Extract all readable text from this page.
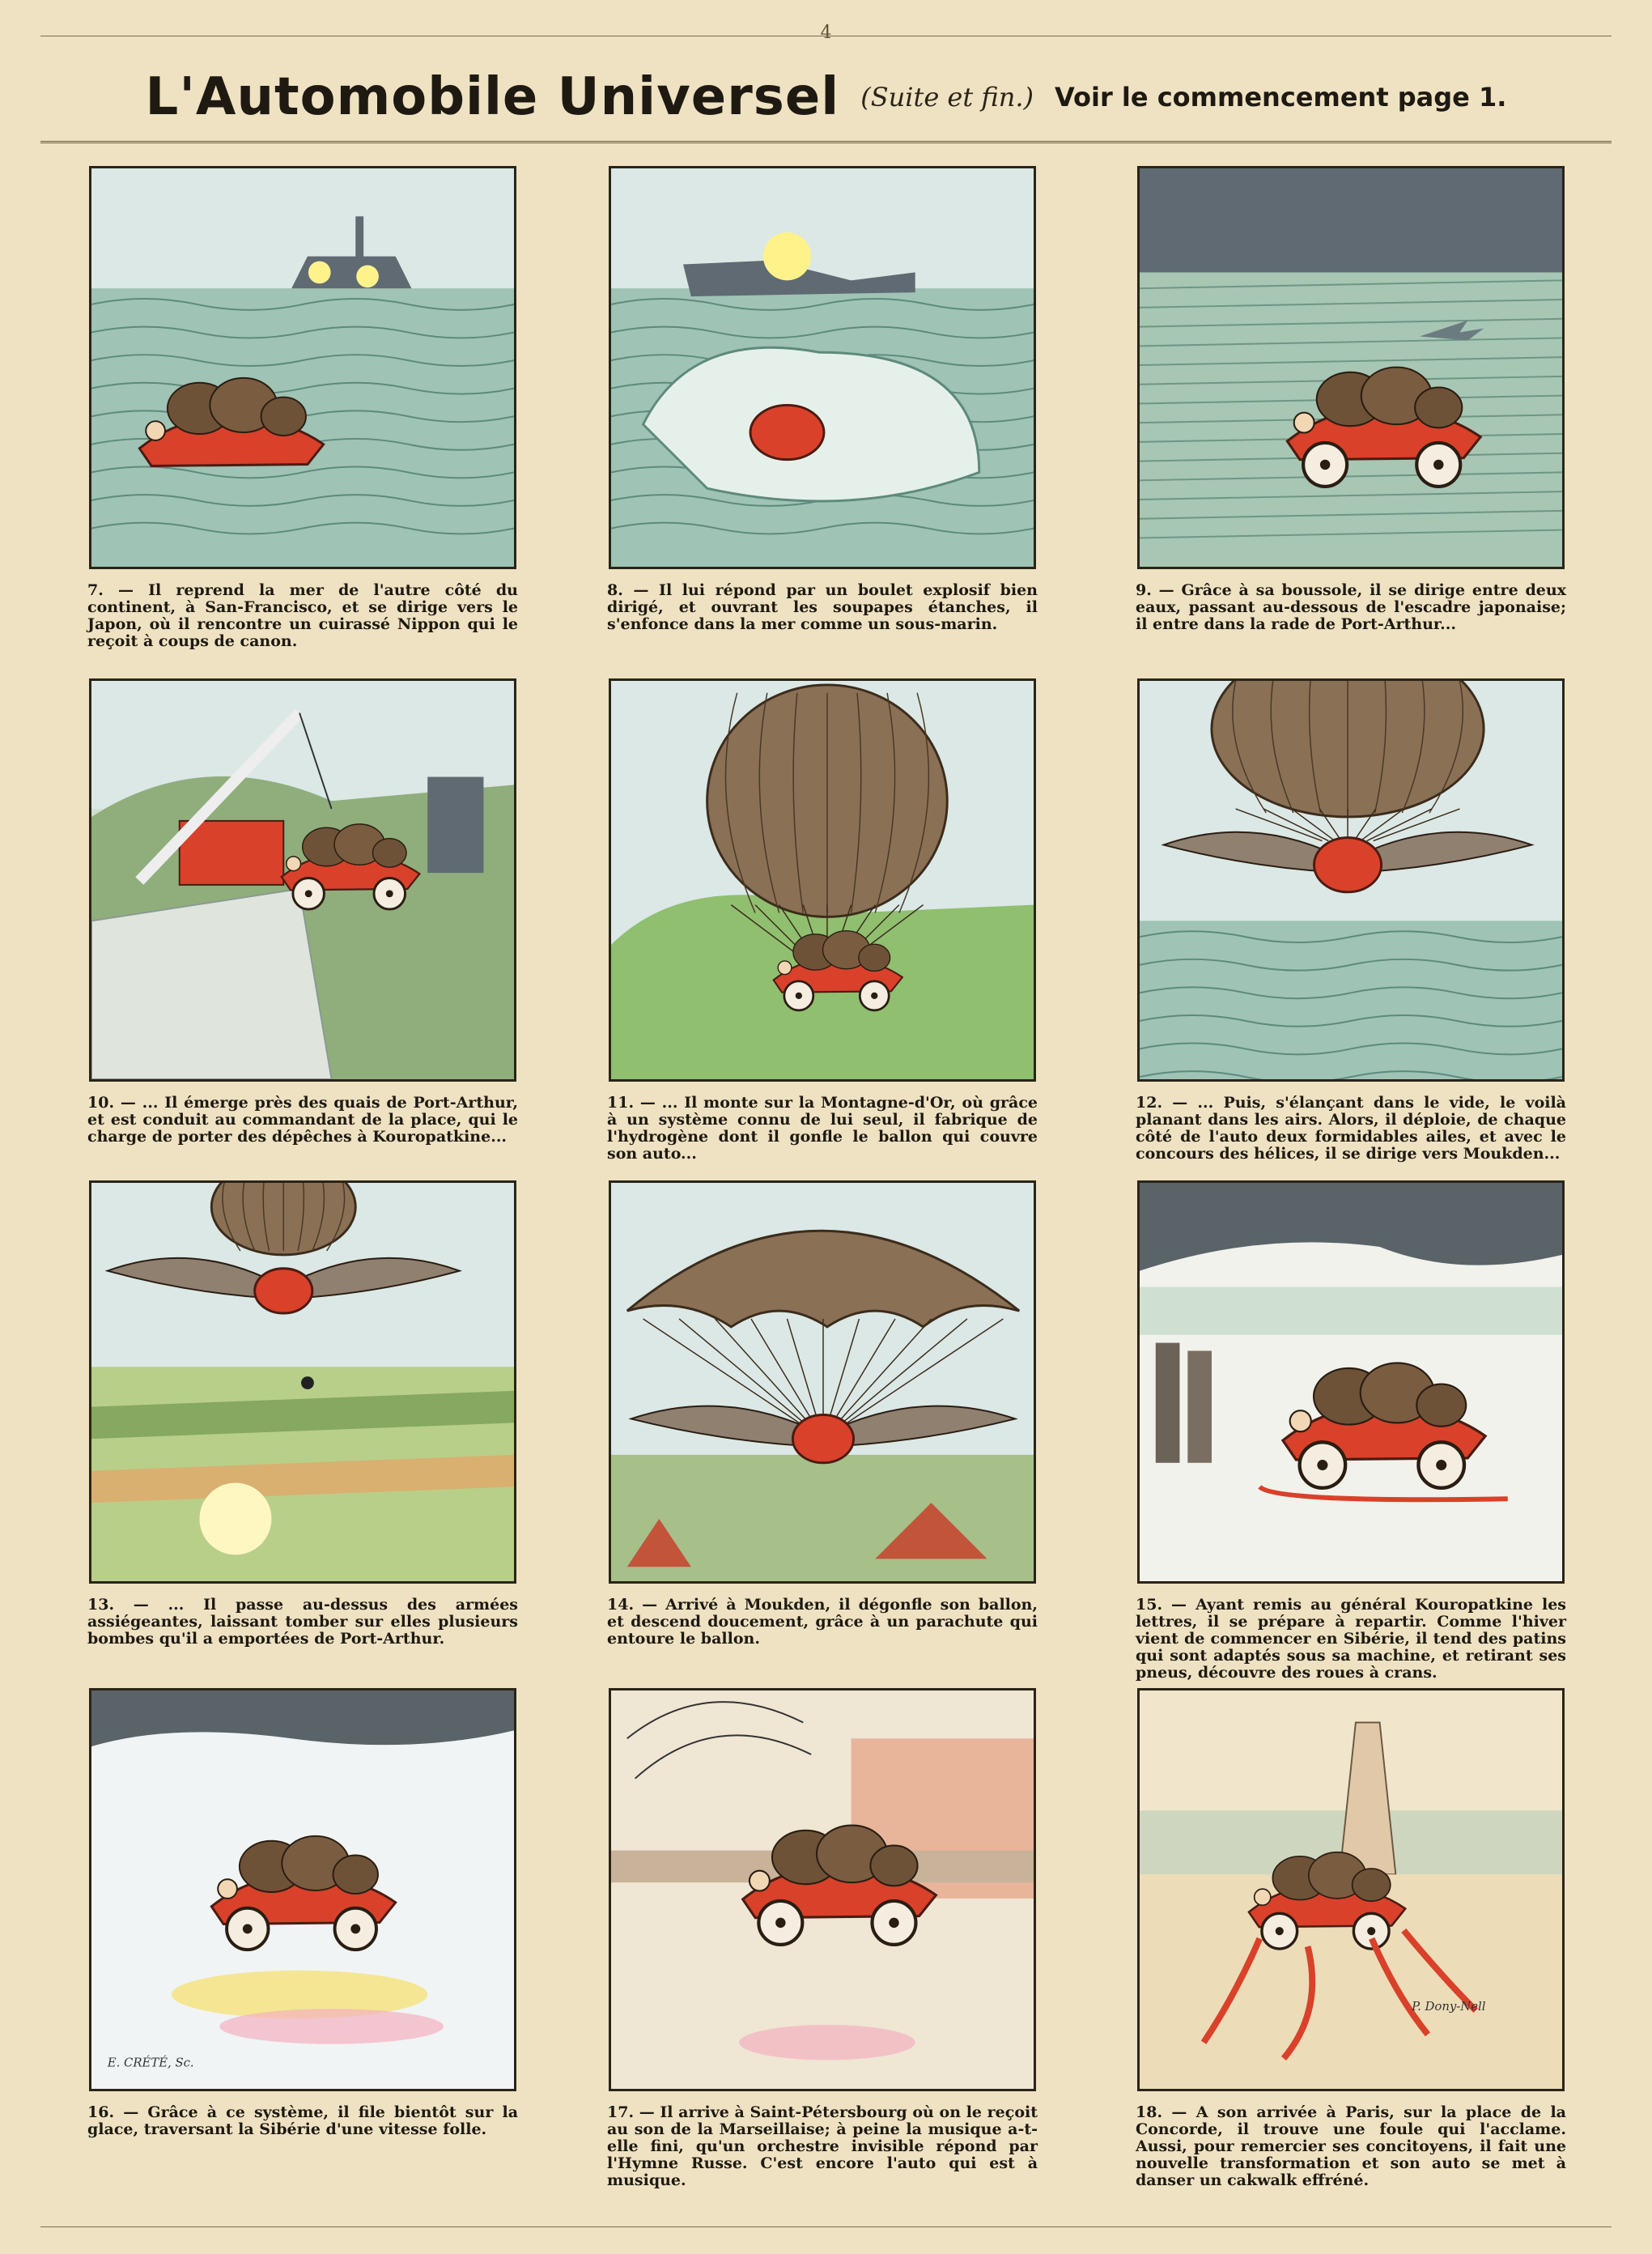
4
L'Automobile Universel (Suite et fin.) Voir le commencement page 1.
7. — Il reprend la mer de l'autre côté du continent, à San-Francisco, et se dirige vers le Japon, où il rencontre un cuirassé Nippon qui le reçoit à coups de canon.
8. — Il lui répond par un boulet explosif bien dirigé, et ouvrant les soupapes étanches, il s'enfonce dans la mer comme un sous-marin.
9. — Grâce à sa boussole, il se dirige entre deux eaux, passant au-dessous de l'escadre japonaise; il entre dans la rade de Port-Arthur...
10. — ... Il émerge près des quais de Port-Arthur, et est conduit au commandant de la place, qui le charge de porter des dépêches à Kouropatkine...
11. — ... Il monte sur la Montagne-d'Or, où grâce à un système connu de lui seul, il fabrique de l'hydrogène dont il gonfle le ballon qui couvre son auto...
12. — ... Puis, s'élançant dans le vide, le voilà planant dans les airs. Alors, il déploie, de chaque côté de l'auto deux formidables ailes, et avec le concours des hélices, il se dirige vers Moukden...
13. — ... Il passe au-dessus des armées assiégeantes, laissant tomber sur elles plusieurs bombes qu'il a emportées de Port-Arthur.
14. — Arrivé à Moukden, il dégonfle son ballon, et descend doucement, grâce à un parachute qui entoure le ballon.
15. — Ayant remis au général Kouropatkine les lettres, il se prépare à repartir. Comme l'hiver vient de commencer en Sibérie, il tend des patins qui sont adaptés sous sa machine, et retirant ses pneus, découvre des roues à crans.
E. CRÉTÉ, Sc.
16. — Grâce à ce système, il file bientôt sur la glace, traversant la Sibérie d'une vitesse folle.
17. — Il arrive à Saint-Pétersbourg où on le reçoit au son de la Marseillaise; à peine la musique a-t-elle fini, qu'un orchestre invisible répond par l'Hymne Russe. C'est encore l'auto qui est à musique.
P. Dony-Nell
18. — A son arrivée à Paris, sur la place de la Concorde, il trouve une foule qui l'acclame. Aussi, pour remercier ses concitoyens, il fait une nouvelle transformation et son auto se met à danser un cakwalk effréné.
